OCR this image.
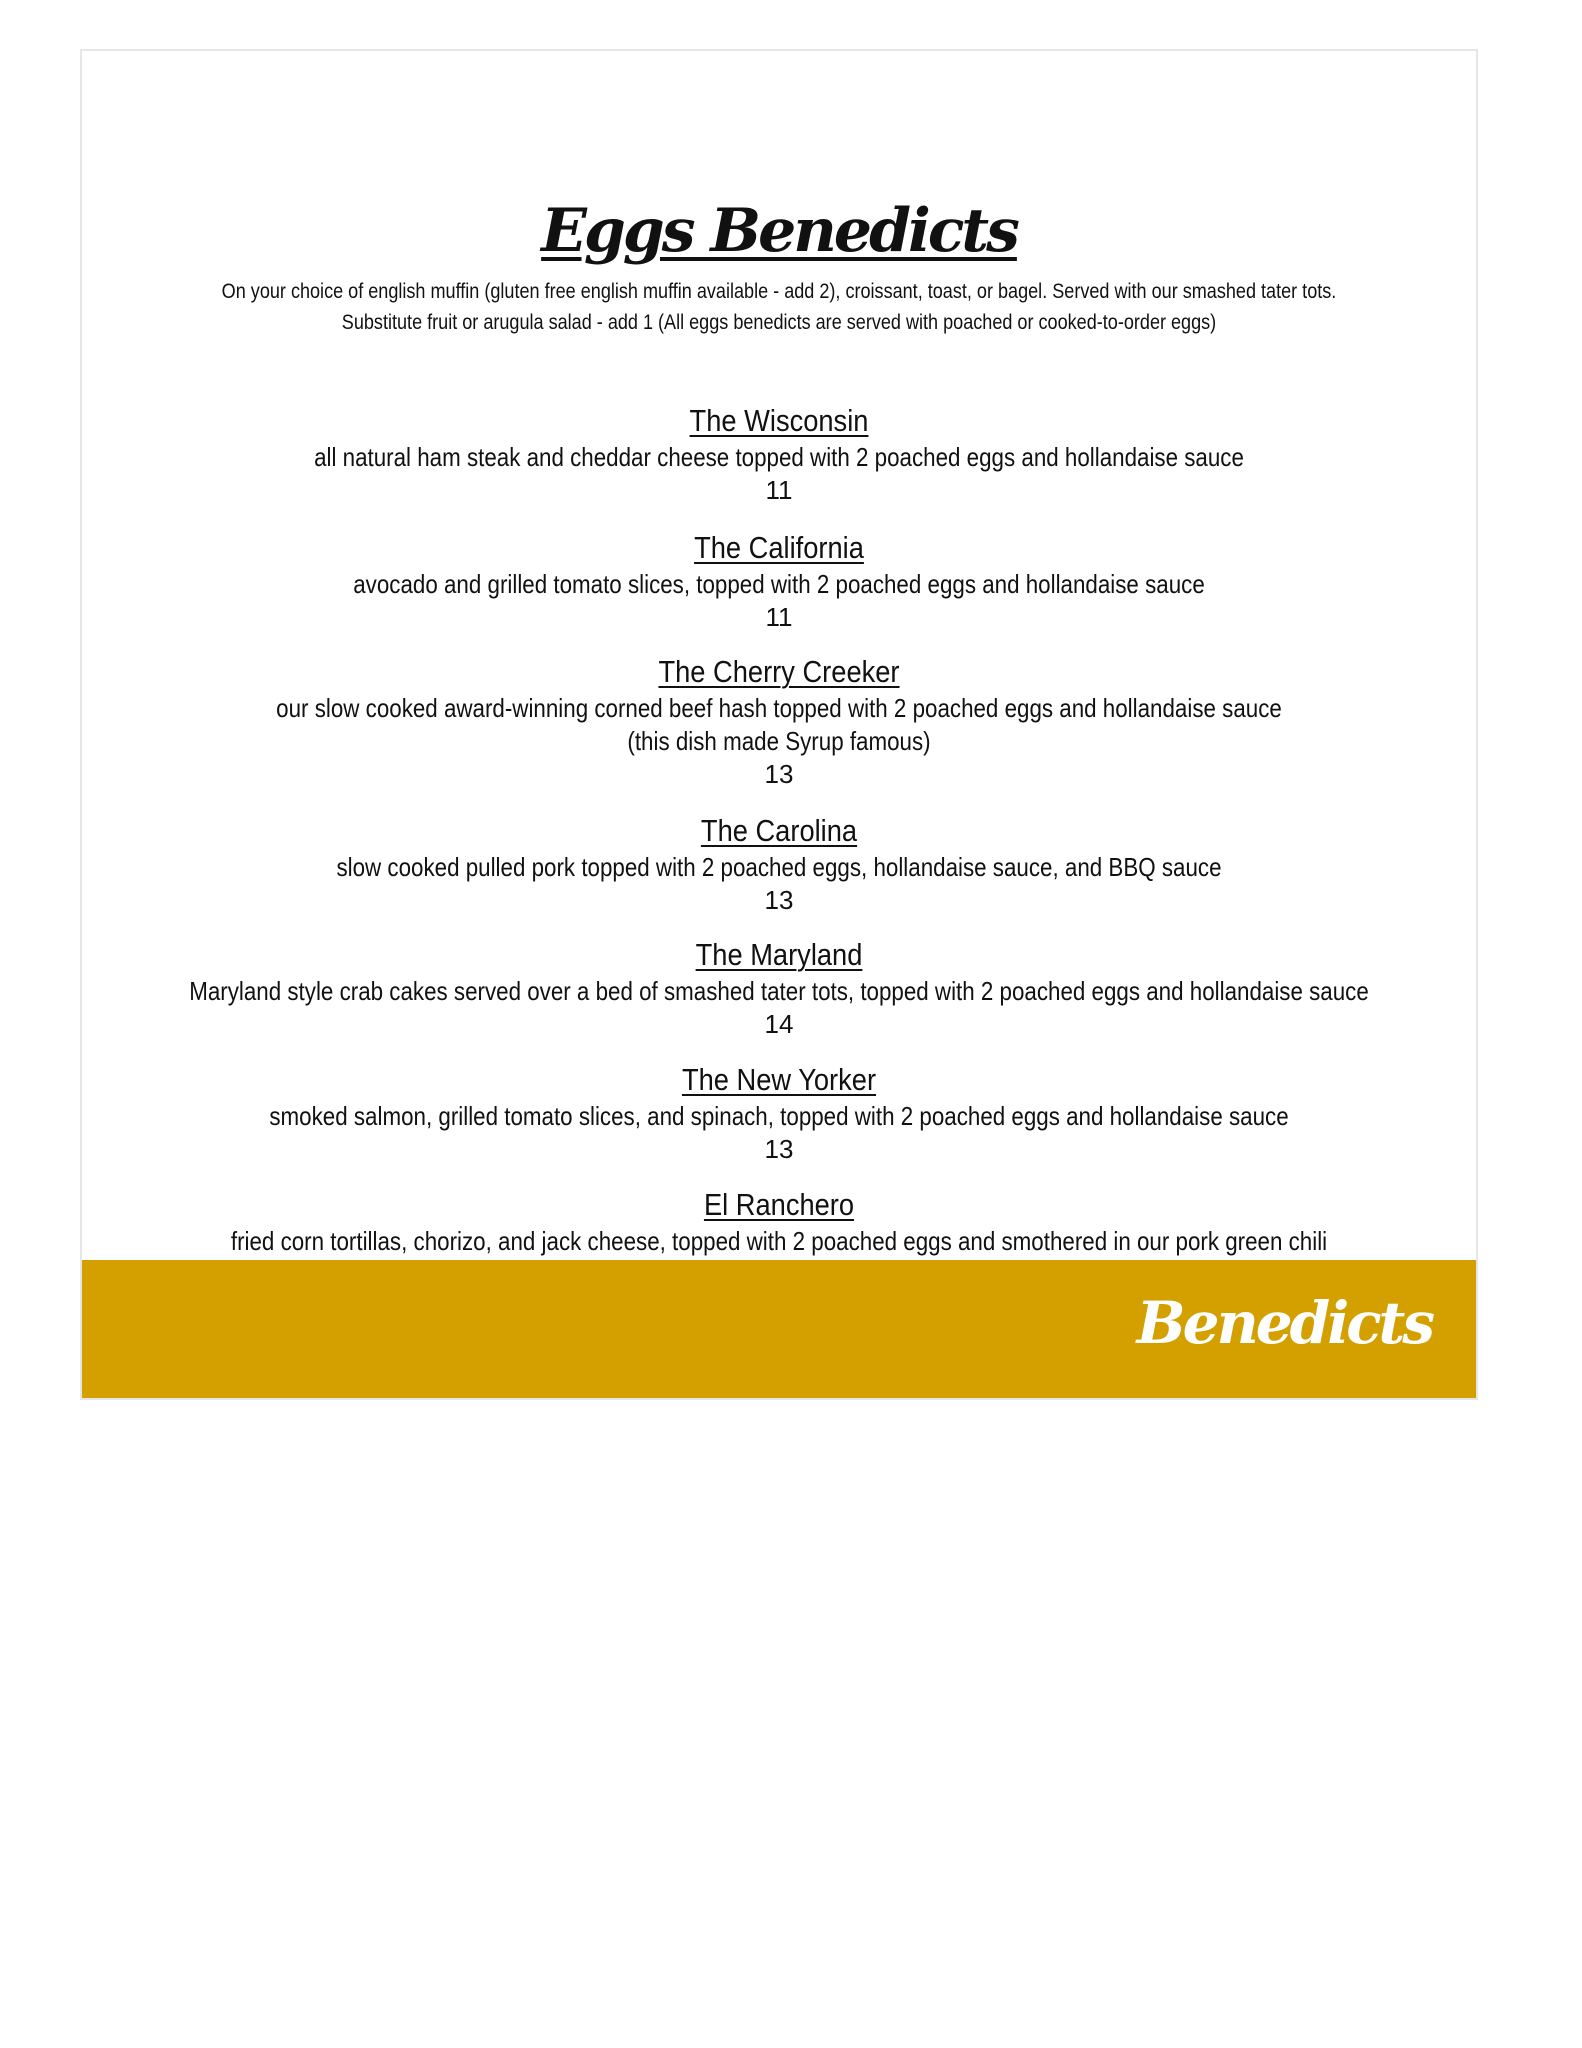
Eggs Benedicts

On your choice of english muffin (gluten free english muffin available - add 2), croissant, toast, or bagel. Served with our smashed tater tots.
Substitute fruit or arugula salad - add 1 (All eggs benedicts are served with poached or cooked-to-order eggs)

The Wisconsin
all natural ham steak and cheddar cheese topped with 2 poached eggs and hollandaise sauce
11
The California
avocado and grilled tomato slices, topped with 2 poached eggs and hollandaise sauce
11
The Cherry Creeker
our slow cooked award-winning corned beef hash topped with 2 poached eggs and hollandaise sauce
(this dish made Syrup famous)
13
The Carolina
slow cooked pulled pork topped with 2 poached eggs, hollandaise sauce, and BBQ sauce
13
The Maryland
Maryland style crab cakes served over a bed of smashed tater tots, topped with 2 poached eggs and hollandaise sauce
14
The New Yorker
smoked salmon, grilled tomato slices, and spinach, topped with 2 poached eggs and hollandaise sauce
13
El Ranchero
fried corn tortillas, chorizo, and jack cheese, topped with 2 poached eggs and smothered in our pork green chili

Benedicts
